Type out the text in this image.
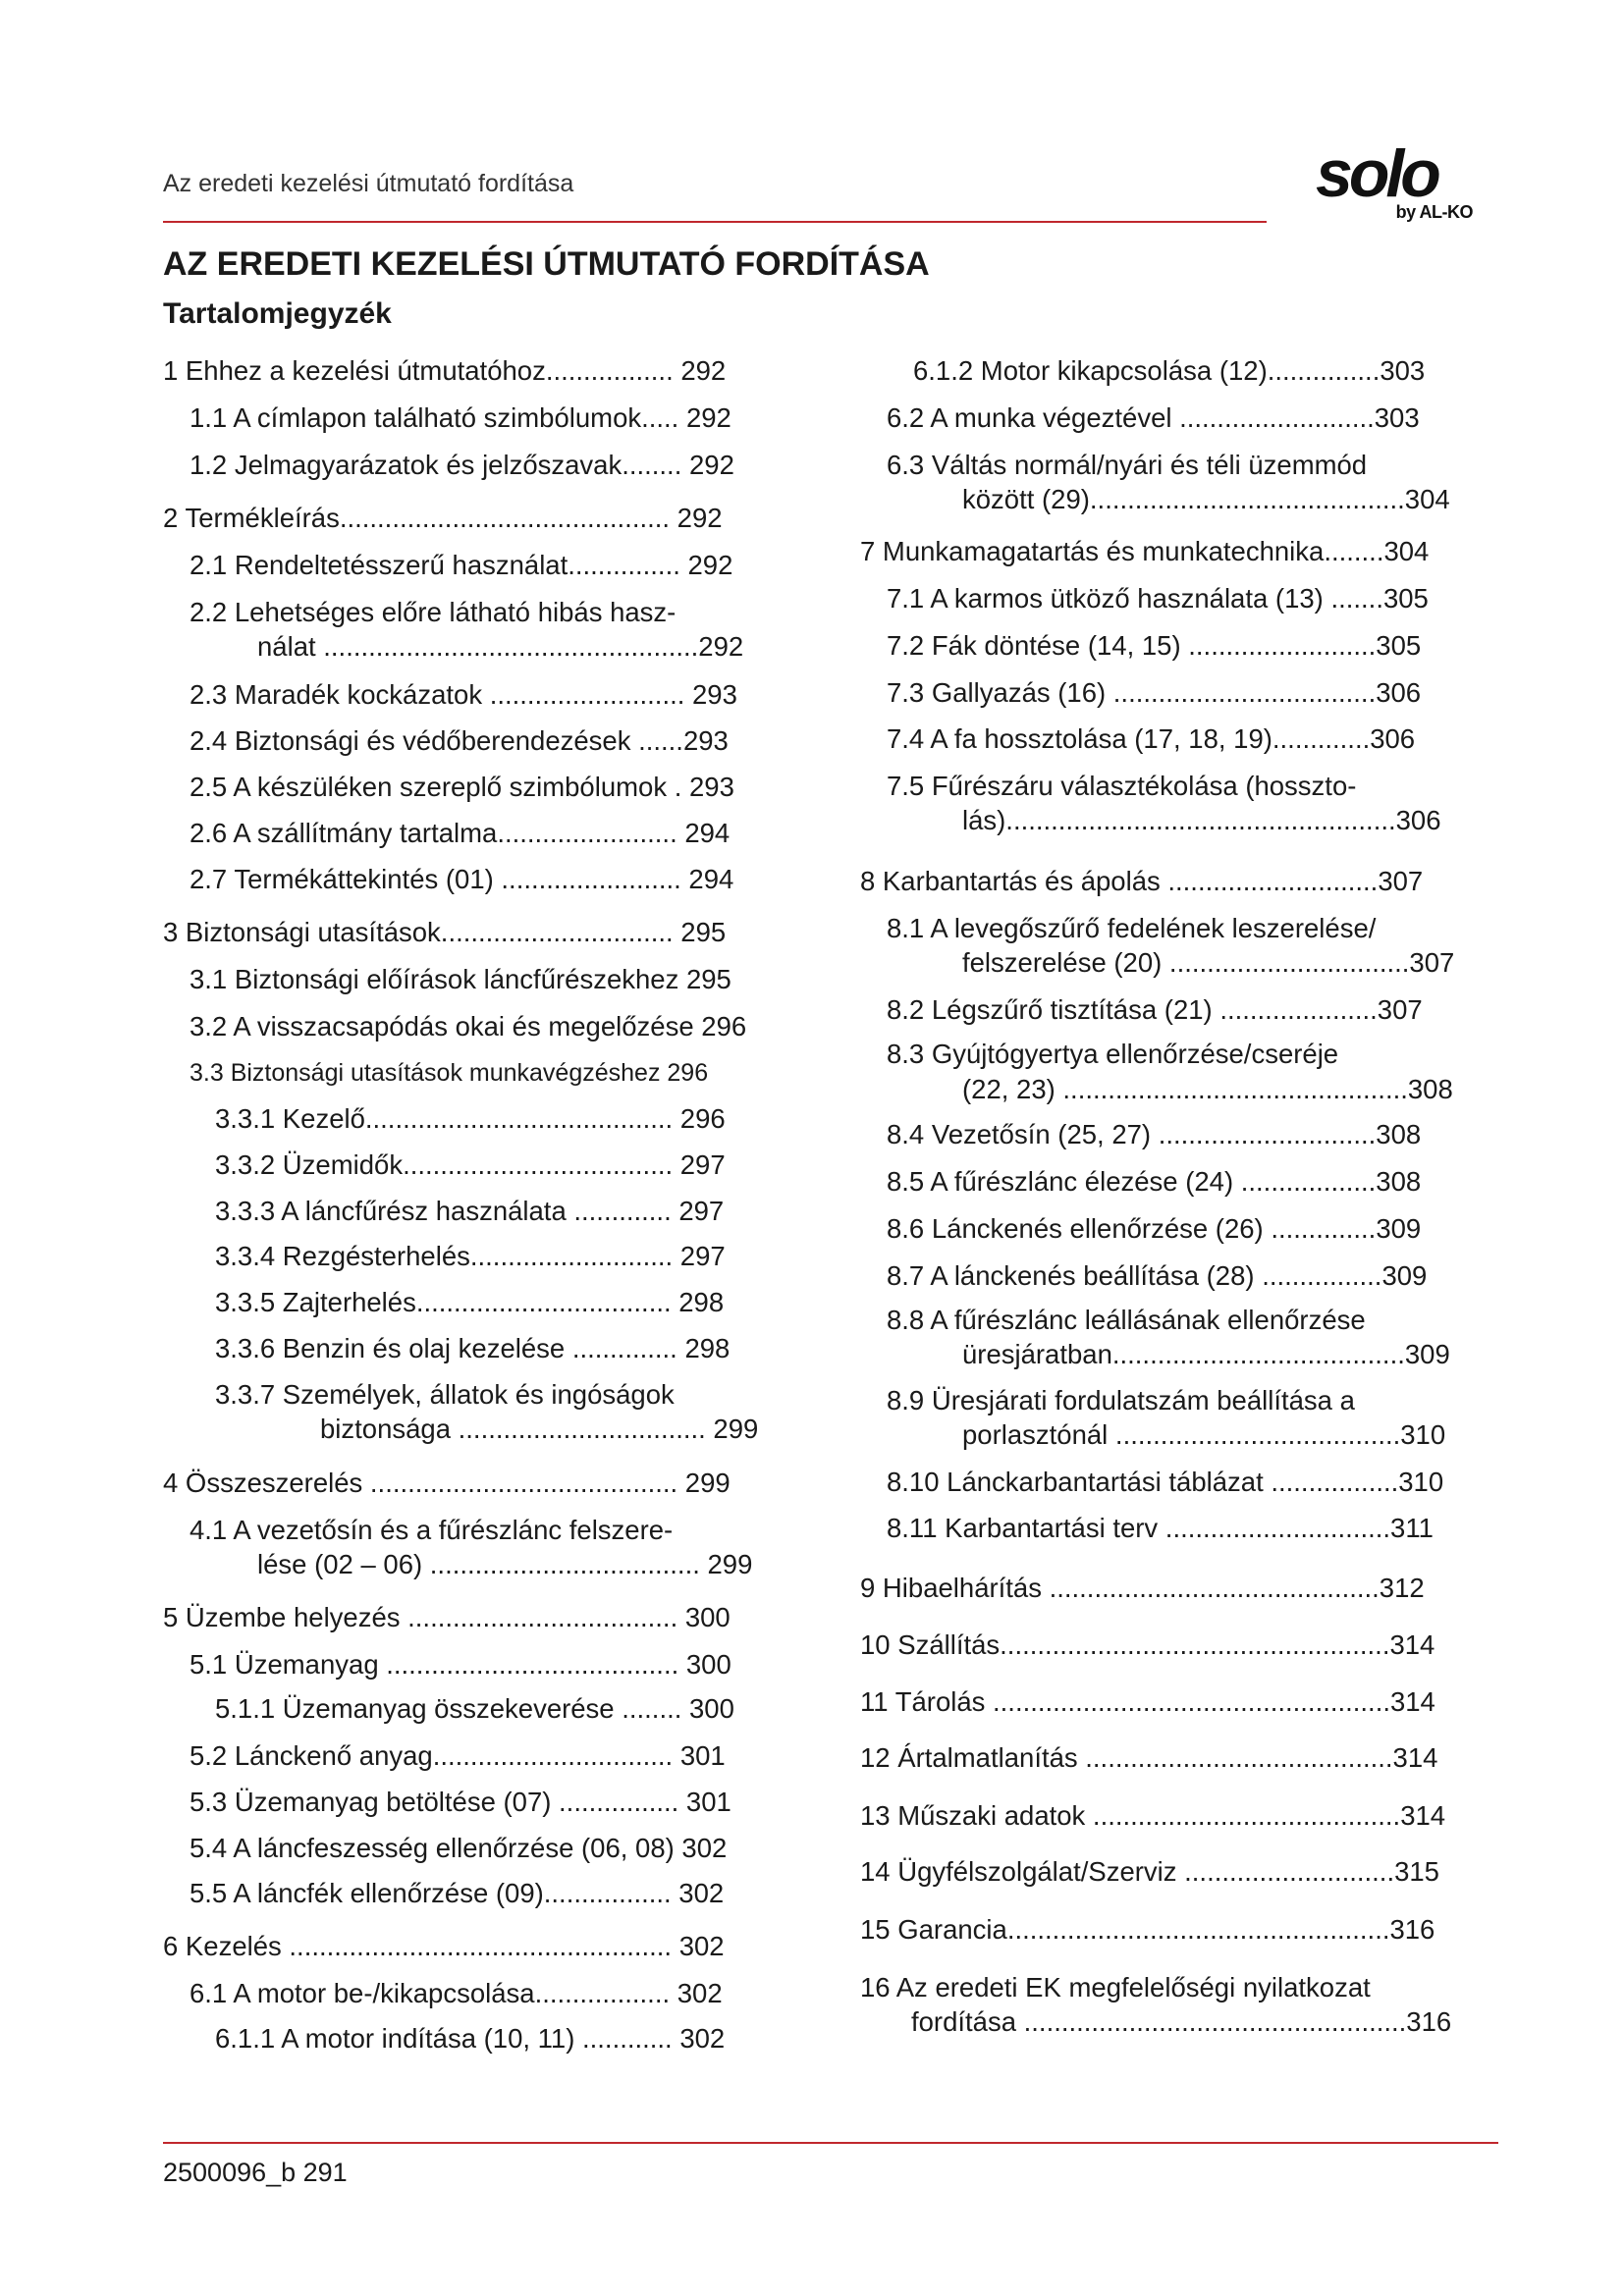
Az eredeti kezelési útmutató fordítása	solo
by AL-KO
AZ EREDETI KEZELÉSI ÚTMUTATÓ FORDÍTÁSA
Tartalomjegyzék
1 Ehhez a kezelési útmutatóhoz................. 292
1.1 A címlapon található szimbólumok..... 292
1.2 Jelmagyarázatok és jelzőszavak........ 292
2 Termékleírás............................................ 292
2.1 Rendeltetésszerű használat............... 292
2.2 Lehetséges előre látható hibás hasz-
nálat ..................................................292
2.3 Maradék kockázatok .......................... 293
2.4 Biztonsági és védőberendezések ......293
2.5 A készüléken szereplő szimbólumok . 293
2.6 A szállítmány tartalma........................ 294
2.7 Termékáttekintés (01) ........................ 294
3 Biztonsági utasítások............................... 295
3.1 Biztonsági előírások láncfűrészekhez 295
3.2 A visszacsapódás okai és megelőzése 296
3.3 Biztonsági utasítások munkavégzéshez 296
3.3.1 Kezelő......................................... 296
3.3.2 Üzemidők.................................... 297
3.3.3 A láncfűrész használata ............. 297
3.3.4 Rezgésterhelés........................... 297
3.3.5 Zajterhelés.................................. 298
3.3.6 Benzin és olaj kezelése .............. 298
3.3.7 Személyek, állatok és ingóságok
biztonsága ................................. 299
4 Összeszerelés ......................................... 299
4.1 A vezetősín és a fűrészlánc felszere-
lése (02 – 06) .................................... 299
5 Üzembe helyezés .................................... 300
5.1 Üzemanyag ....................................... 300
5.1.1 Üzemanyag összekeverése ........ 300
5.2 Lánckenő anyag................................ 301
5.3 Üzemanyag betöltése (07) ................ 301
5.4 A láncfeszesség ellenőrzése (06, 08) 302
5.5 A láncfék ellenőrzése (09)................. 302
6 Kezelés ................................................... 302
6.1 A motor be-/kikapcsolása.................. 302
6.1.1 A motor indítása (10, 11) ............ 302
6.1.2 Motor kikapcsolása (12)...............303
6.2 A munka végeztével ..........................303
6.3 Váltás normál/nyári és téli üzemmód
között (29)..........................................304
7 Munkamagatartás és munkatechnika........304
7.1 A karmos ütköző használata (13) .......305
7.2 Fák döntése (14, 15) .........................305
7.3 Gallyazás (16) ...................................306
7.4 A fa hossztolása (17, 18, 19).............306
7.5 Fűrészáru választékolása (hosszto-
lás)....................................................306
8 Karbantartás és ápolás ............................307
8.1 A levegőszűrő fedelének leszerelése/
felszerelése (20) ................................307
8.2 Légszűrő tisztítása (21) .....................307
8.3 Gyújtógyertya ellenőrzése/cseréje
(22, 23) ..............................................308
8.4 Vezetősín (25, 27) .............................308
8.5 A fűrészlánc élezése (24) ..................308
8.6 Lánckenés ellenőrzése (26) ..............309
8.7 A lánckenés beállítása (28) ................309
8.8 A fűrészlánc leállásának ellenőrzése
üresjáratban.......................................309
8.9 Üresjárati fordulatszám beállítása a
porlasztónál ......................................310
8.10 Lánckarbantartási táblázat .................310
8.11 Karbantartási terv ..............................311
9 Hibaelhárítás ............................................312
10 Szállítás....................................................314
11 Tárolás .....................................................314
12 Ártalmatlanítás .........................................314
13 Műszaki adatok .........................................314
14 Ügyfélszolgálat/Szerviz ............................315
15 Garancia...................................................316
16 Az eredeti EK megfelelőségi nyilatkozat
fordítása ...................................................316
2500096_b 291
